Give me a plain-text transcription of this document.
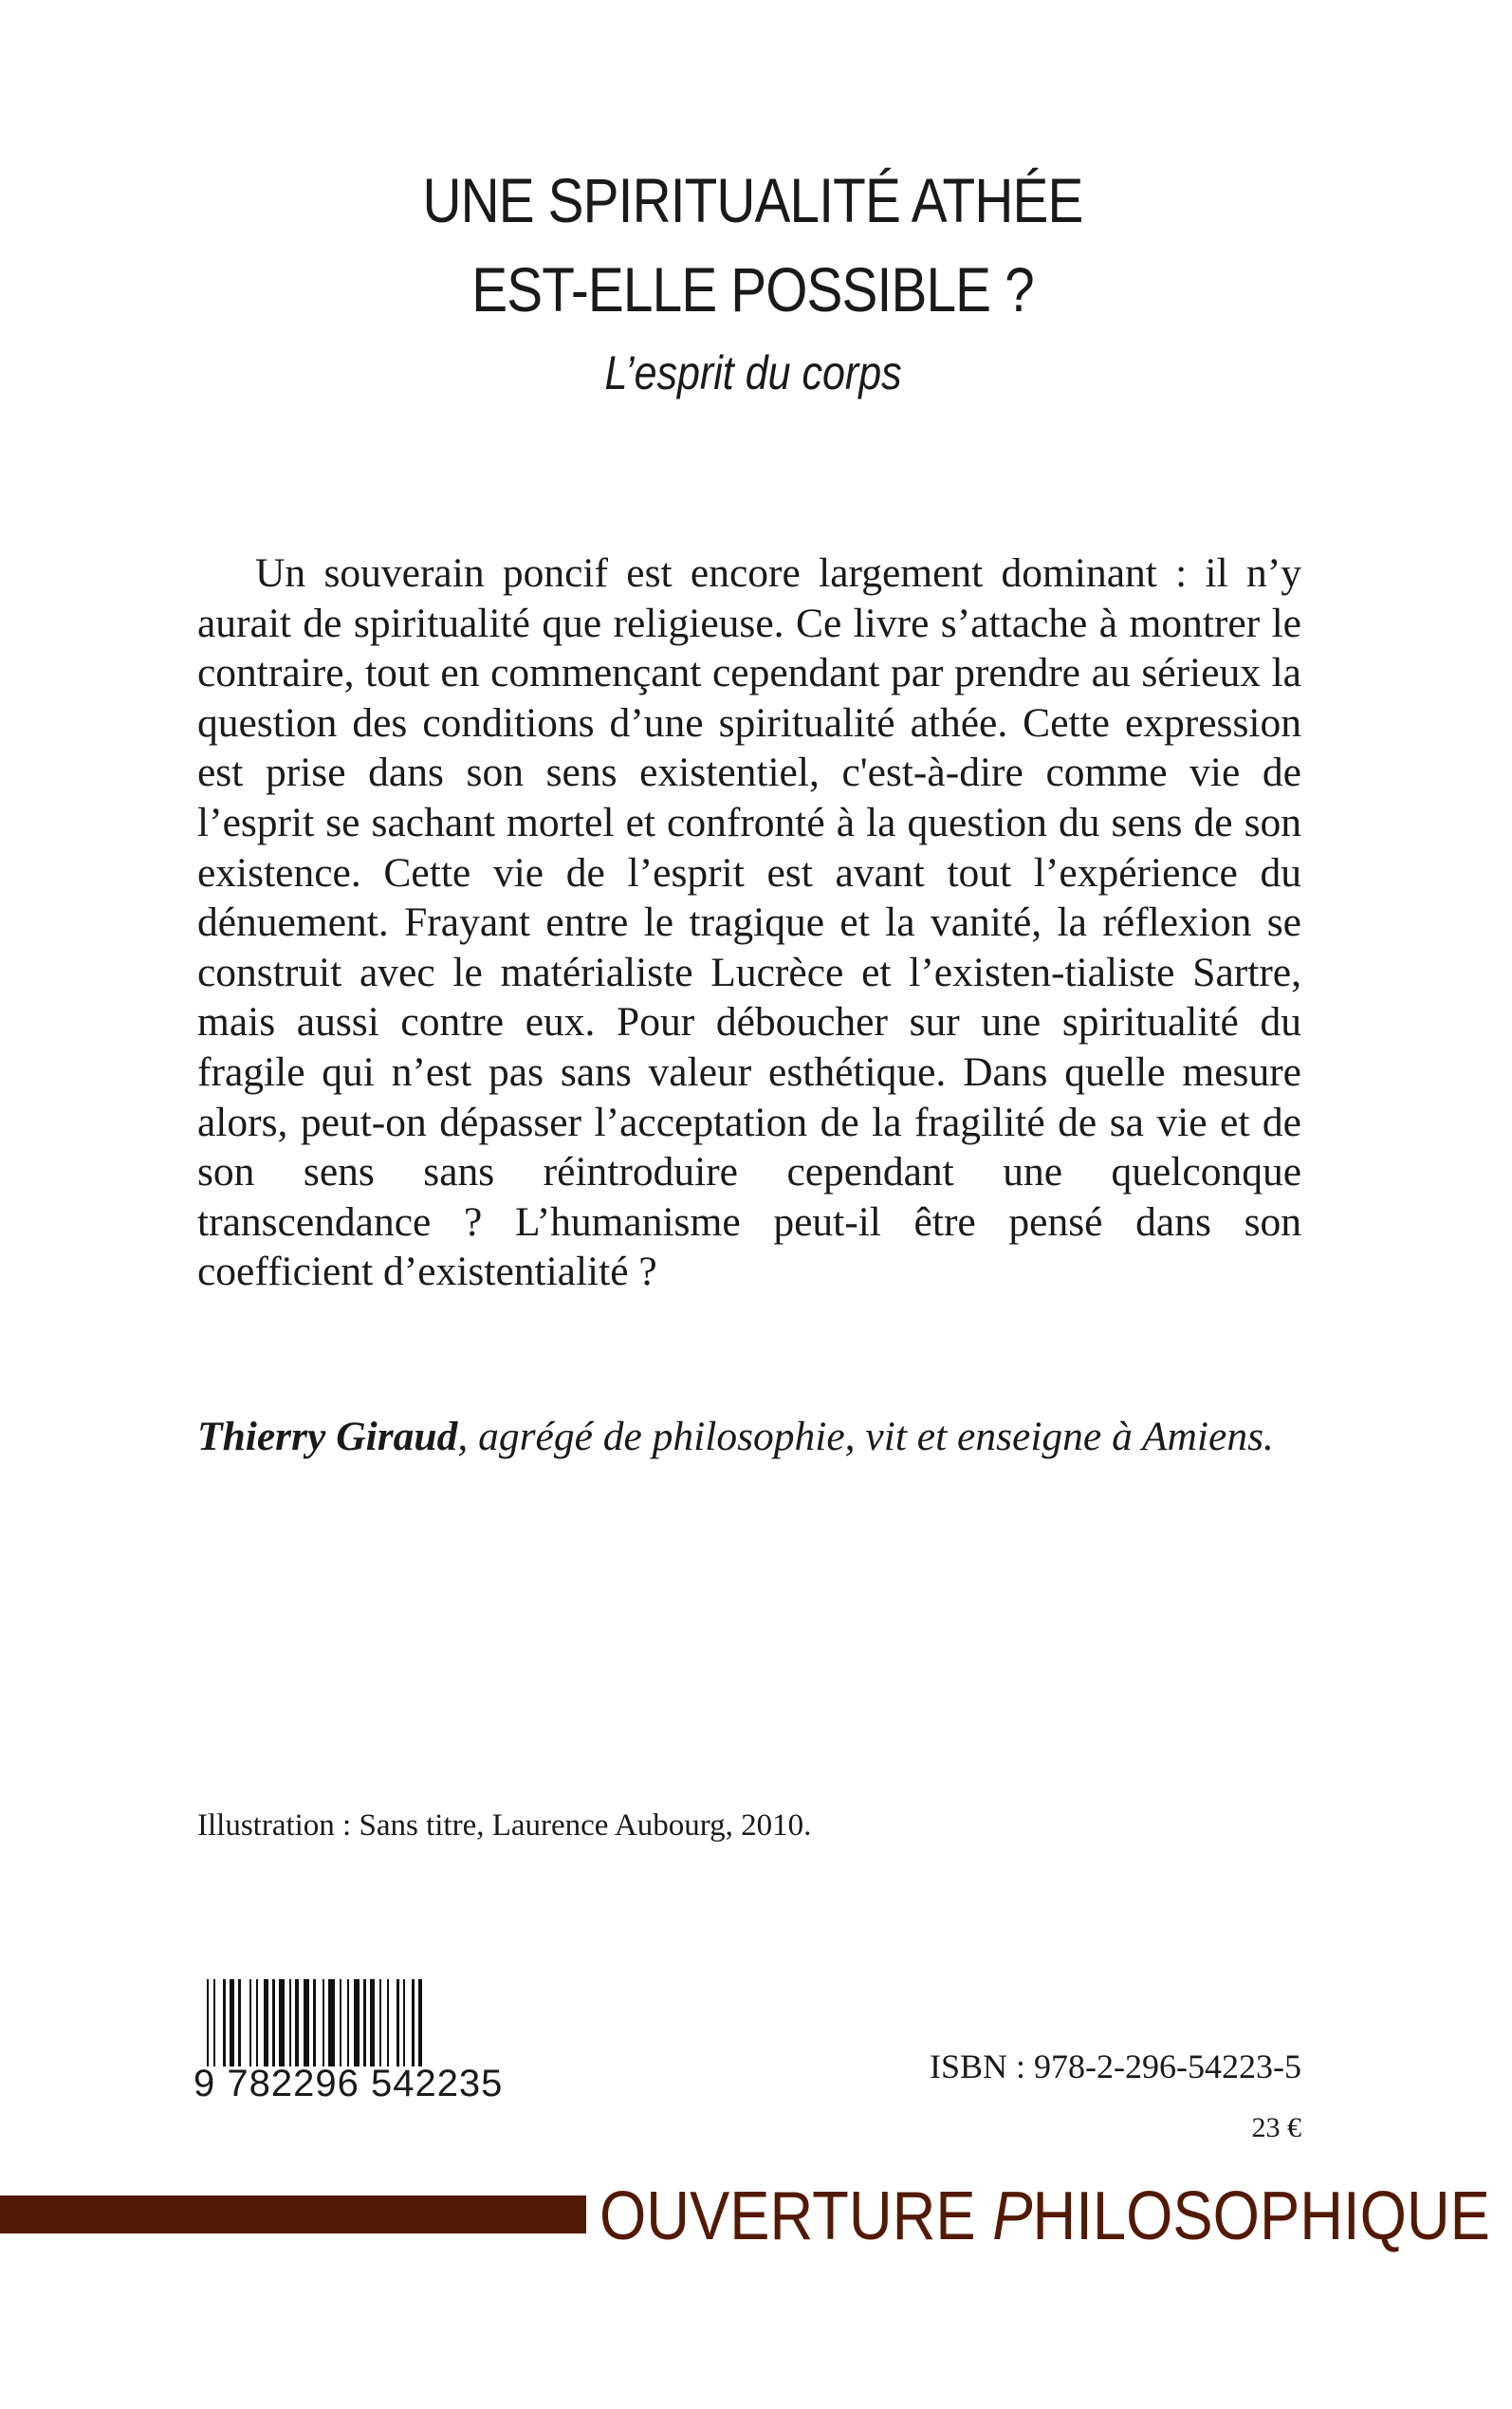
UNE SPIRITUALITÉ ATHÉE
EST-ELLE POSSIBLE ?
L’esprit du corps

Un souverain poncif est encore largement dominant : il n’y aurait de spiritualité que religieuse. Ce livre s’attache à montrer le contraire, tout en commençant cependant par prendre au sérieux la question des conditions d’une spiritualité athée. Cette expression est prise dans son sens existentiel, c'est-à-dire comme vie de l’esprit se sachant mortel et confronté à la question du sens de son existence. Cette vie de l’esprit est avant tout l’expérience du dénuement. Frayant entre le tragique et la vanité, la réflexion se construit avec le matérialiste Lucrèce et l’existen-tialiste Sartre, mais aussi contre eux. Pour déboucher sur une spiritualité du fragile qui n’est pas sans valeur esthétique. Dans quelle mesure alors, peut-on dépasser l’acceptation de la fragilité de sa vie et de son sens sans réintroduire cependant une quelconque transcendance ? L’humanisme peut-il être pensé dans son coefficient d’existentialité ?

Thierry Giraud, agrégé de philosophie, vit et enseigne à Amiens.

Illustration : Sans titre, Laurence Aubourg, 2010.
9 782296 542235	ISBN : 978-2-296-54223-5
23 €
OUVERTURE PHILOSOPHIQUE
